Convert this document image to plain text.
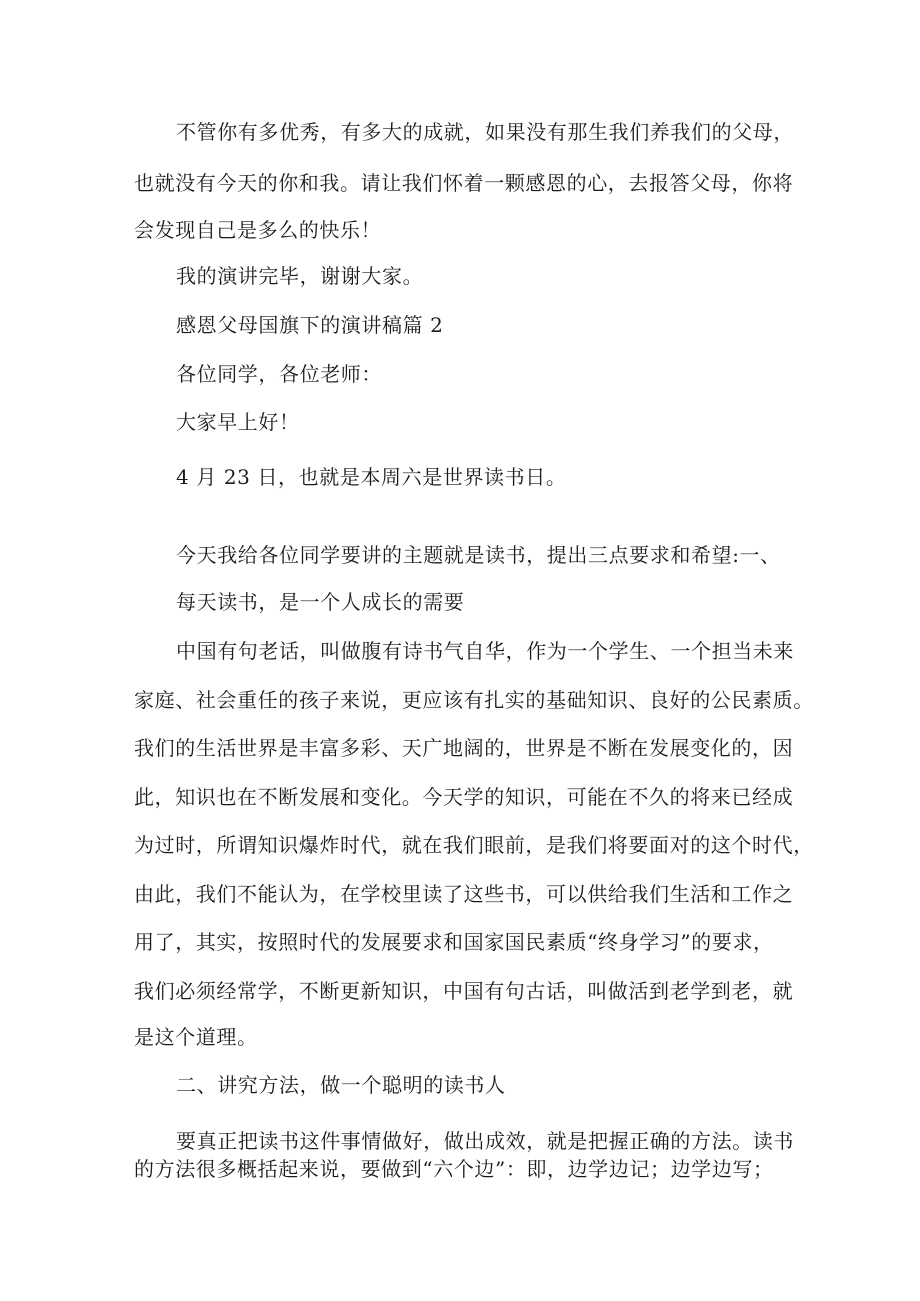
不管你有多优秀，有多大的成就，如果没有那生我们养我们的父母，
也就没有今天的你和我。请让我们怀着一颗感恩的心，去报答父母，你将
会发现自己是多么的快乐！
我的演讲完毕，谢谢大家。
感恩父母国旗下的演讲稿篇 2
各位同学，各位老师：
大家早上好！
4 月 23 日，也就是本周六是世界读书日。
今天我给各位同学要讲的主题就是读书，提出三点要求和希望:一、
每天读书，是一个人成长的需要
中国有句老话，叫做腹有诗书气自华，作为一个学生、一个担当未来
家庭、社会重任的孩子来说，更应该有扎实的基础知识、良好的公民素质。
我们的生活世界是丰富多彩、天广地阔的，世界是不断在发展变化的，因
此，知识也在不断发展和变化。今天学的知识，可能在不久的将来已经成
为过时，所谓知识爆炸时代，就在我们眼前，是我们将要面对的这个时代，
由此，我们不能认为，在学校里读了这些书，可以供给我们生活和工作之
用了，其实，按照时代的发展要求和国家国民素质“终身学习”的要求，
我们必须经常学，不断更新知识，中国有句古话，叫做活到老学到老，就
是这个道理。
二、讲究方法，做一个聪明的读书人
要真正把读书这件事情做好，做出成效，就是把握正确的方法。读书
的方法很多概括起来说，要做到“六个边”：即，边学边记；边学边写；
